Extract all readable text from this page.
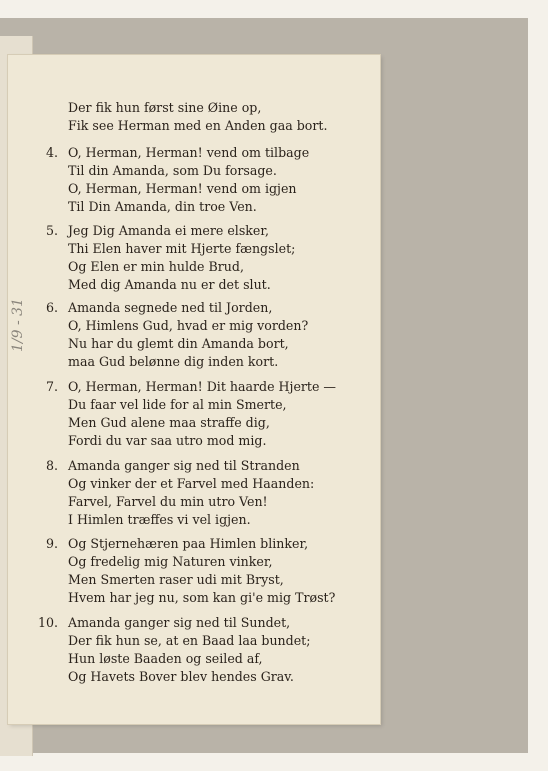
1/9 - 31
Der fik hun først sine Øine op,
Fik see Herman med en Anden gaa bort.
4. O, Herman, Herman! vend om tilbage
Til din Amanda, som Du forsage.
O, Herman, Herman! vend om igjen
Til Din Amanda, din troe Ven.
5. Jeg Dig Amanda ei mere elsker,
Thi Elen haver mit Hjerte fængslet;
Og Elen er min hulde Brud,
Med dig Amanda nu er det slut.
6. Amanda segnede ned til Jorden,
O, Himlens Gud, hvad er mig vorden?
Nu har du glemt din Amanda bort,
maa Gud belønne dig inden kort.
7. O, Herman, Herman! Dit haarde Hjerte —
Du faar vel lide for al min Smerte,
Men Gud alene maa straffe dig,
Fordi du var saa utro mod mig.
8. Amanda ganger sig ned til Stranden
Og vinker der et Farvel med Haanden:
Farvel, Farvel du min utro Ven!
I Himlen træffes vi vel igjen.
9. Og Stjernehæren paa Himlen blinker,
Og fredelig mig Naturen vinker,
Men Smerten raser udi mit Bryst,
Hvem har jeg nu, som kan gi'e mig Trøst?
10. Amanda ganger sig ned til Sundet,
Der fik hun se, at en Baad laa bundet;
Hun løste Baaden og seiled af,
Og Havets Bover blev hendes Grav.
